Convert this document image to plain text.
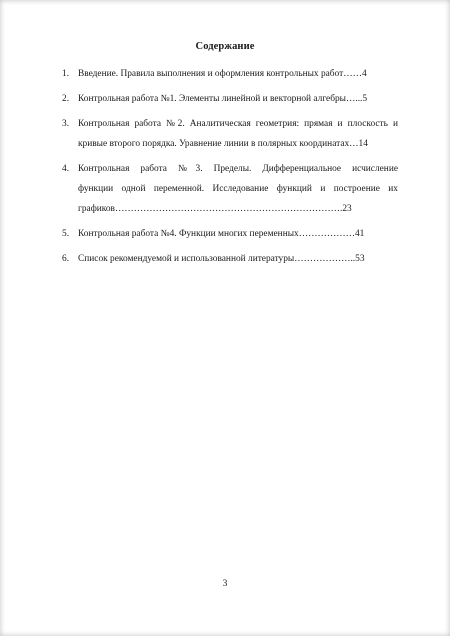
Содержание
1. Введение. Правила выполнения и оформления контрольных работ……4
2. Контрольная работа №1. Элементы линейной и векторной алгебры…...5
3. Контрольная работа №2. Аналитическая геометрия: прямая и плоскость и
кривые второго порядка. Уравнение линии в полярных координатах…14
4. Контрольная работа №3. Пределы. Дифференциальное исчисление
функции одной переменной. Исследование функций и построение их
графиков……………………………………………………………….23
5. Контрольная работа №4. Функции многих переменных………………41
6. Список рекомендуемой и использованной литературы………………..53
3
